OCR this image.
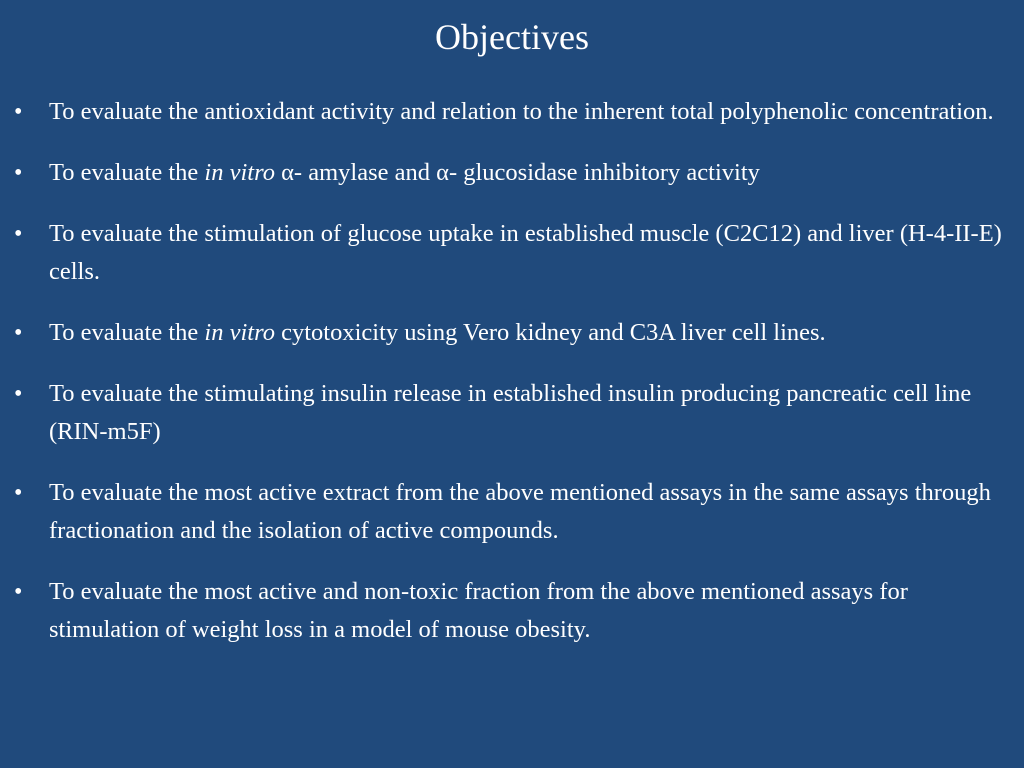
Objectives
•
To evaluate the antioxidant activity and relation to the inherent total polyphenolic concentration.
•
To evaluate the in vitro α- amylase and α- glucosidase inhibitory activity
•
To evaluate the stimulation of glucose uptake in established muscle (C2C12) and liver (H-4-II-E) cells.
•
To evaluate the in vitro cytotoxicity using Vero kidney and C3A liver cell lines.
•
To evaluate the stimulating insulin release in established insulin producing pancreatic cell line (RIN-m5F)
•
To evaluate the most active extract from the above mentioned assays in the same assays through fractionation and the isolation of active compounds.
•
To evaluate the most active and non-toxic fraction from the above mentioned assays for stimulation of weight loss in a model of mouse obesity.
